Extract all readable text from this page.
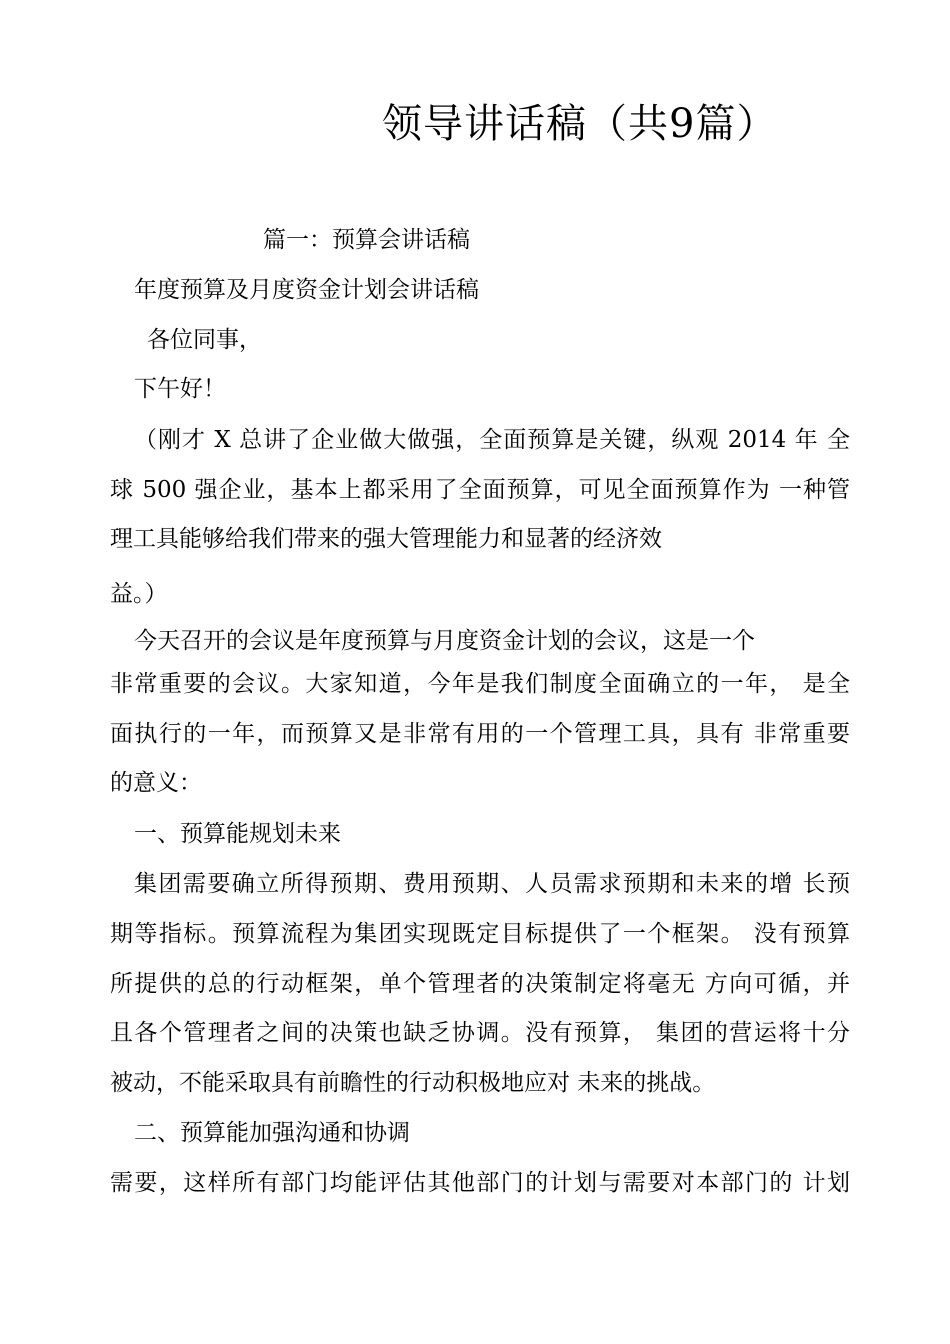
领导讲话稿（共9篇）
篇一：预算会讲话稿
年度预算及月度资金计划会讲话稿
各位同事，
下午好！
（刚才 X 总讲了企业做大做强，全面预算是关键，纵观 2014 年 全
球 500 强企业，基本上都采用了全面预算，可见全面预算作为 一种管
理工具能够给我们带来的强大管理能力和显著的经济效
益。）
今天召开的会议是年度预算与月度资金计划的会议，这是一个
非常重要的会议。大家知道，今年是我们制度全面确立的一年， 是全
面执行的一年，而预算又是非常有用的一个管理工具，具有 非常重要
的意义：
一、预算能规划未来
集团需要确立所得预期、费用预期、人员需求预期和未来的增 长预
期等指标。预算流程为集团实现既定目标提供了一个框架。 没有预算
所提供的总的行动框架，单个管理者的决策制定将毫无 方向可循，并
且各个管理者之间的决策也缺乏协调。没有预算， 集团的营运将十分
被动，不能采取具有前瞻性的行动积极地应对 未来的挑战。
二、预算能加强沟通和协调
需要，这样所有部门均能评估其他部门的计划与需要对本部门的 计划
